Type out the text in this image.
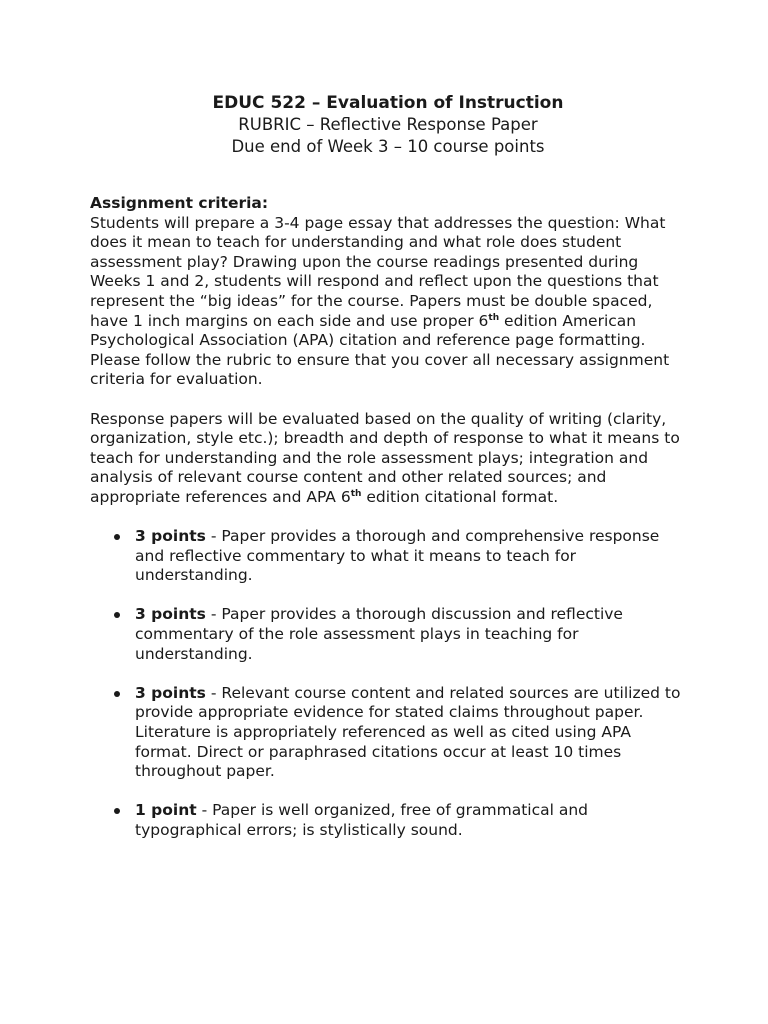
EDUC 522 – Evaluation of Instruction

RUBRIC – Reflective Response Paper

Due end of Week 3 – 10 course points

Assignment criteria:

Students will prepare a 3-4 page essay that addresses the question: What does it mean to teach for understanding and what role does student assessment play? Drawing upon the course readings presented during Weeks 1 and 2, students will respond and reflect upon the questions that represent the “big ideas” for the course. Papers must be double spaced, have 1 inch margins on each side and use proper 6th edition American Psychological Association (APA) citation and reference page formatting. Please follow the rubric to ensure that you cover all necessary assignment criteria for evaluation.

Response papers will be evaluated based on the quality of writing (clarity, organization, style etc.); breadth and depth of response to what it means to teach for understanding and the role assessment plays; integration and analysis of relevant course content and other related sources; and appropriate references and APA 6th edition citational format.

3 points - Paper provides a thorough and comprehensive response and reflective commentary to what it means to teach for understanding.
3 points - Paper provides a thorough discussion and reflective commentary of the role assessment plays in teaching for understanding.
3 points - Relevant course content and related sources are utilized to provide appropriate evidence for stated claims throughout paper. Literature is appropriately referenced as well as cited using APA format. Direct or paraphrased citations occur at least 10 times throughout paper.
1 point - Paper is well organized, free of grammatical and typographical errors; is stylistically sound.
